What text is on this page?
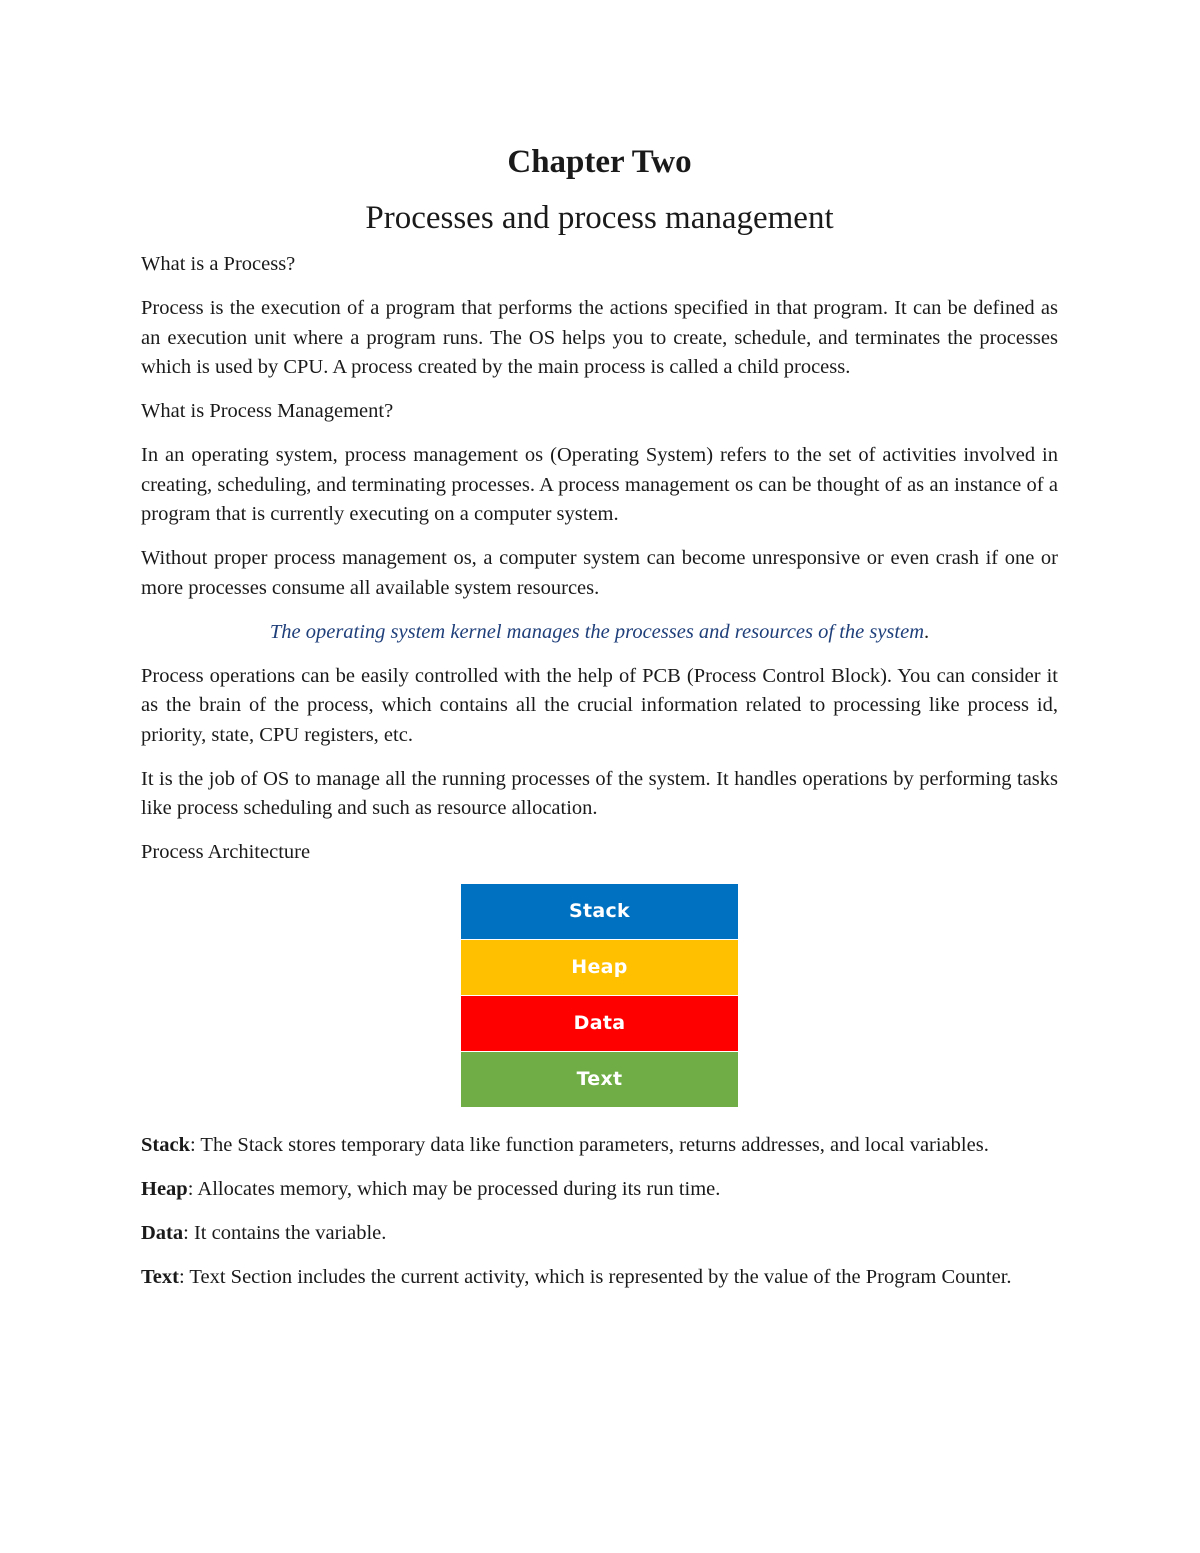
Chapter Two
Processes and process management

What is a Process?

Process is the execution of a program that performs the actions specified in that program. It can be defined as an execution unit where a program runs. The OS helps you to create, schedule, and terminates the processes which is used by CPU. A process created by the main process is called a child process.

What is Process Management?

In an operating system, process management os (Operating System) refers to the set of activities involved in creating, scheduling, and terminating processes. A process management os can be thought of as an instance of a program that is currently executing on a computer system.

Without proper process management os, a computer system can become unresponsive or even crash if one or more processes consume all available system resources.

The operating system kernel manages the processes and resources of the system.

Process operations can be easily controlled with the help of PCB (Process Control Block). You can consider it as the brain of the process, which contains all the crucial information related to processing like process id, priority, state, CPU registers, etc.

It is the job of OS to manage all the running processes of the system. It handles operations by performing tasks like process scheduling and such as resource allocation.

Process Architecture

Stack
Heap
Data
Text

Stack: The Stack stores temporary data like function parameters, returns addresses, and local variables.

Heap: Allocates memory, which may be processed during its run time.

Data: It contains the variable.

Text: Text Section includes the current activity, which is represented by the value of the Program Counter.
